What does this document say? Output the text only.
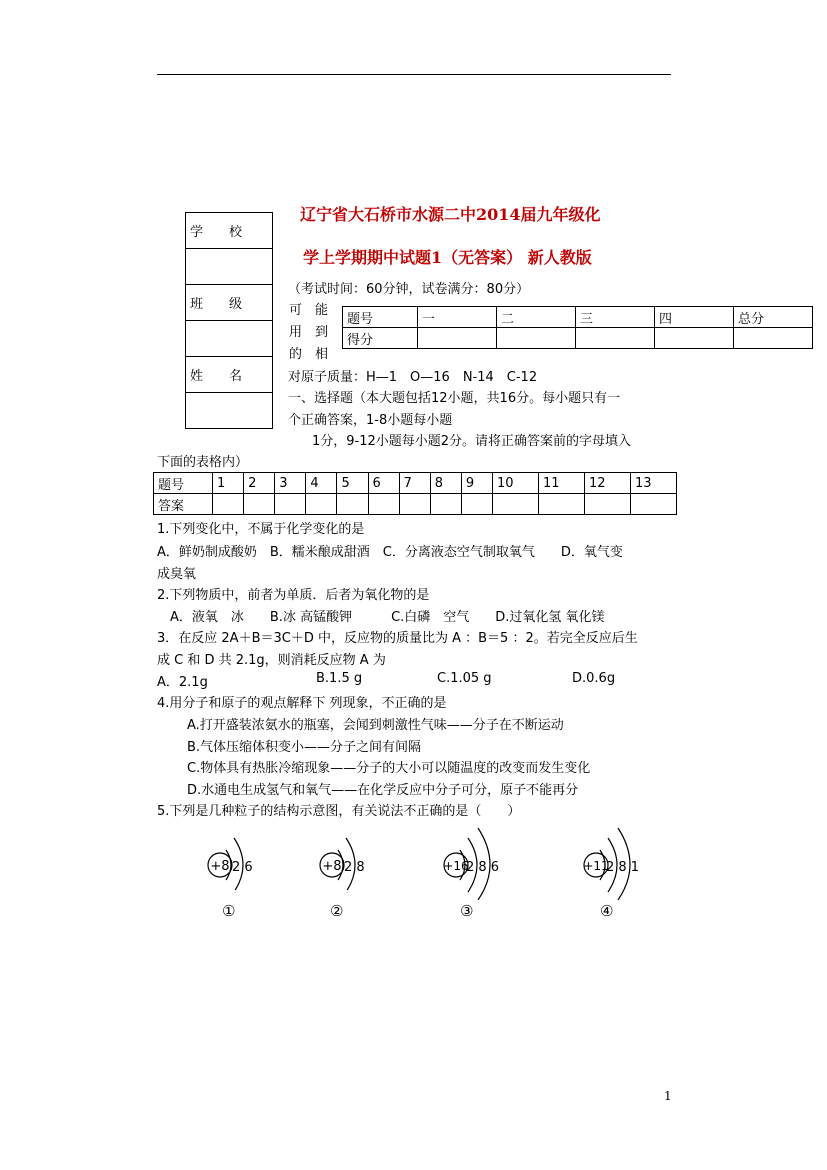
辽宁省大石桥市水源二中2014届九年级化
学上学期期中试题1（无答案） 新人教版
学　　校

班　　级

姓　　名

（考试时间：60分钟，试卷满分：80分）
可　能
用　到
的　相
题号	一	二	三	四	总分
得分					
对原子质量：H—1　O—16　N-14　C-12
一、选择题（本大题包括12小题，共16分。每小题只有一
个正确答案，1-8小题每小题
1分，9-12小题每小题2分。请将正确答案前的字母填入
下面的表格内）
题号	1	2	3	4	5	6	7	8	9	10	11	12	13
答案													
1.下列变化中，不属于化学变化的是
A．鲜奶制成酸奶　B．糯米酿成甜酒　C．分离液态空气制取氧气　　D．氧气变
成臭氧
2.下列物质中，前者为单质．后者为氧化物的是
　A．液氧　冰　　B.冰 高锰酸钾　　　C.白磷　空气　　D.过氧化氢 氧化镁
3．在反应 2A＋B＝3C＋D 中，反应物的质量比为 A ：B＝5 ：2。若完全反应后生
成 C 和 D 共 2.1g，则消耗反应物 A 为
A．2.1g	B.1.5 g	C.1.05 g	D.0.6g
4.用分子和原子的观点解释下 列现象，不正确的是
A.打开盛装浓氨水的瓶塞，会闻到刺激性气味——分子在不断运动
B.气体压缩体积变小——分子之间有间隔
C.物体具有热胀冷缩现象——分子的大小可以随温度的改变而发生变化
D.水通电生成氢气和氧气——在化学反应中分子可分，原子不能再分
5.下列是几种粒子的结构示意图，有关说法不正确的是（　　）
+8 2 6
①
+8 2 8
②
+16
2 8 6
③
+11
2 8 1
④
1
